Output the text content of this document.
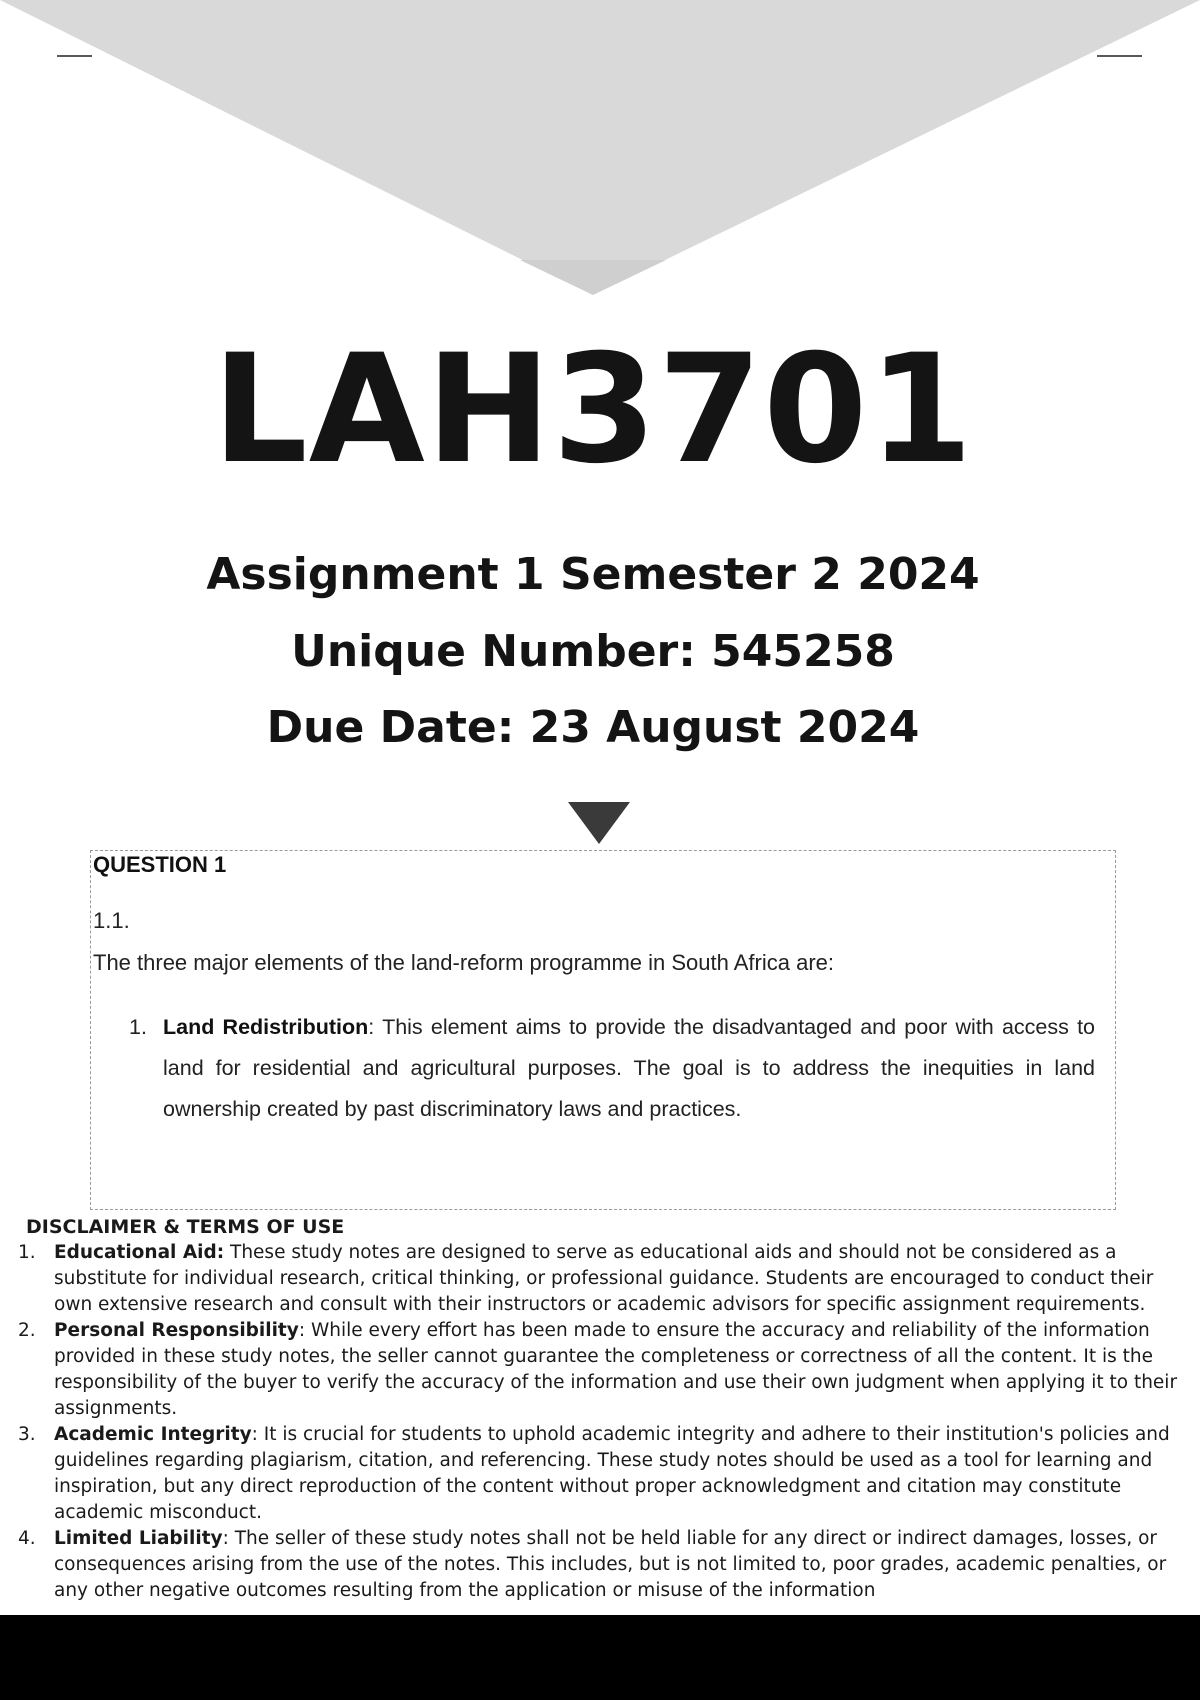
LAH3701
Assignment 1 Semester 2 2024
Unique Number: 545258
Due Date: 23 August 2024
QUESTION 1
1.1.
The three major elements of the land-reform programme in South Africa are:
1. Land Redistribution: This element aims to provide the disadvantaged and poor with access to land for residential and agricultural purposes. The goal is to address the inequities in land ownership created by past discriminatory laws and practices.
DISCLAIMER & TERMS OF USE
1. Educational Aid: These study notes are designed to serve as educational aids and should not be considered as a substitute for individual research, critical thinking, or professional guidance. Students are encouraged to conduct their own extensive research and consult with their instructors or academic advisors for specific assignment requirements.
2. Personal Responsibility: While every effort has been made to ensure the accuracy and reliability of the information provided in these study notes, the seller cannot guarantee the completeness or correctness of all the content. It is the responsibility of the buyer to verify the accuracy of the information and use their own judgment when applying it to their assignments.
3. Academic Integrity: It is crucial for students to uphold academic integrity and adhere to their institution's policies and guidelines regarding plagiarism, citation, and referencing. These study notes should be used as a tool for learning and inspiration, but any direct reproduction of the content without proper acknowledgment and citation may constitute academic misconduct.
4. Limited Liability: The seller of these study notes shall not be held liable for any direct or indirect damages, losses, or consequences arising from the use of the notes. This includes, but is not limited to, poor grades, academic penalties, or any other negative outcomes resulting from the application or misuse of the information
